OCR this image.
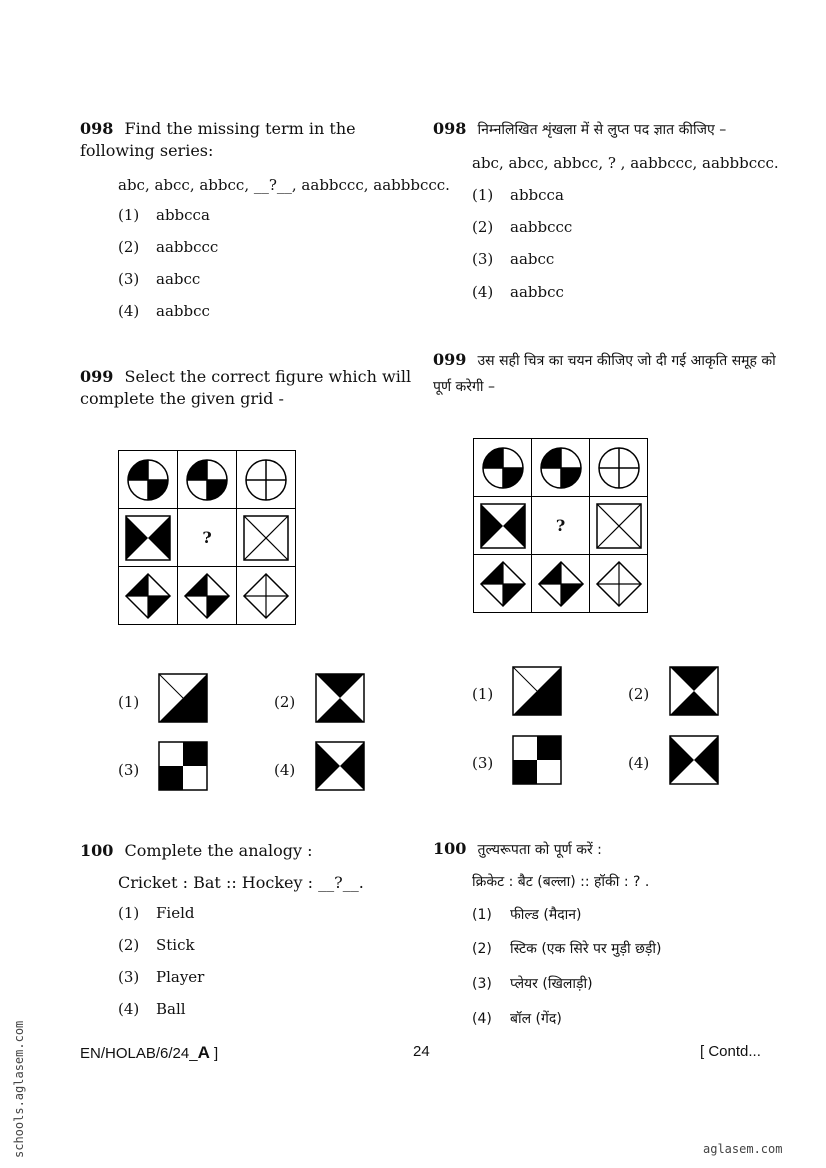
098 Find the missing term in the following series:
abc, abcc, abbcc, __?__, aabbccc, aabbbccc.
(1) abbcca
(2) aabbccc
(3) aabcc
(4) aabbcc
098 निम्नलिखित शृंखला में से लुप्त पद ज्ञात कीजिए –
abc, abcc, abbcc, ? , aabbccc, aabbbccc.
(1) abbcca
(2) aabbccc
(3) aabcc
(4) aabbcc
099 Select the correct figure which will complete the given grid -

	?	

(1)	(2)
(3)	(4)
099 उस सही चित्र का चयन कीजिए जो दी गई आकृति समूह को पूर्ण करेगी –

	?	

(1)	(2)
(3)	(4)
100 Complete the analogy :
Cricket : Bat :: Hockey : __?__.
(1) Field
(2) Stick
(3) Player
(4) Ball
100 तुल्यरूपता को पूर्ण करें :
क्रिकेट : बैट (बल्ला) :: हॉकी : ? .
(1) फील्ड (मैदान)
(2) स्टिक (एक सिरे पर मुड़ी छड़ी)
(3) प्लेयर (खिलाड़ी)
(4) बॉल (गेंद)
EN/HOLAB/6/24_A ]	24	[ Contd...
schools.aglasem.com	aglasem.com
